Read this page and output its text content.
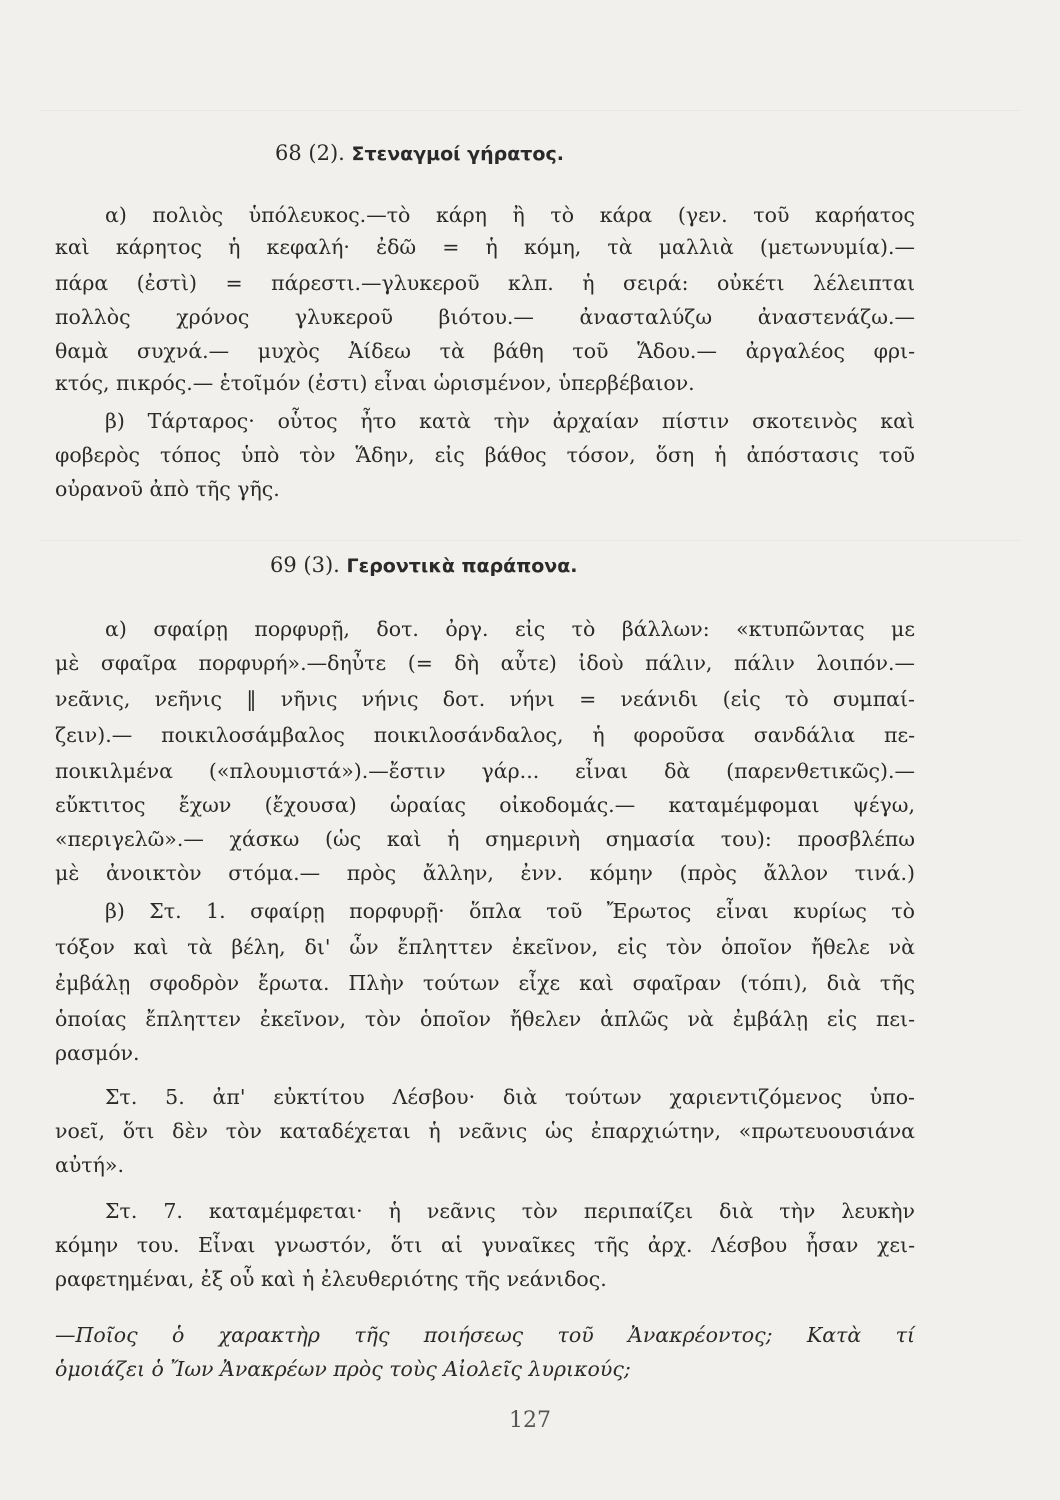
68 (2). Στεναγμοί γήρατος.
α) πολιὸς ὑπόλευκος.—τὸ κάρη ἢ τὸ κάρα (γεν. τοῦ καρήατος
καὶ κάρητος ἡ κεφαλή· ἐδῶ = ἡ κόμη, τὰ μαλλιὰ (μετωνυμία).—
πάρα (ἐστὶ) = πάρεστι.—γλυκεροῦ κλπ. ἡ σειρά: οὐκέτι λέλειπται
πολλὸς χρόνος γλυκεροῦ βιότου.— ἀνασταλύζω ἀναστενάζω.—
θαμὰ συχνά.— μυχὸς Ἀίδεω τὰ βάθη τοῦ Ἅδου.— ἀργαλέος φρι-
κτός, πικρός.— ἑτοῖμόν (ἐστι) εἶναι ὡρισμένον, ὑπερβέβαιον.
β) Τάρταρος· οὗτος ἦτο κατὰ τὴν ἀρχαίαν πίστιν σκοτεινὸς καὶ
φοβερὸς τόπος ὑπὸ τὸν Ἅδην, εἰς βάθος τόσον, ὅση ἡ ἀπόστασις τοῦ
οὐρανοῦ ἀπὸ τῆς γῆς.
69 (3). Γεροντικὰ παράπονα.
α) σφαίρῃ πορφυρῇ, δοτ. ὀργ. εἰς τὸ βάλλων: «κτυπῶντας με
μὲ σφαῖρα πορφυρή».—δηὖτε (= δὴ αὖτε) ἰδοὺ πάλιν, πάλιν λοιπόν.—
νεᾶνις, νεῆνις ‖ νῆνις νήνις δοτ. νήνι = νεάνιδι (εἰς τὸ συμπαί-
ζειν).— ποικιλοσάμβαλος ποικιλοσάνδαλος, ἡ φοροῦσα σανδάλια πε-
ποικιλμένα («πλουμιστά»).—ἔστιν γάρ... εἶναι δὰ (παρενθετικῶς).—
εὔκτιτος ἔχων (ἔχουσα) ὡραίας οἰκοδομάς.— καταμέμφομαι ψέγω,
«περιγελῶ».— χάσκω (ὡς καὶ ἡ σημερινὴ σημασία του): προσβλέπω
μὲ ἀνοικτὸν στόμα.— πρὸς ἄλλην, ἐνν. κόμην (πρὸς ἄλλον τινά.)
β) Στ. 1. σφαίρῃ πορφυρῇ· ὅπλα τοῦ Ἔρωτος εἶναι κυρίως τὸ
τόξον καὶ τὰ βέλη, δι' ὧν ἔπληττεν ἐκεῖνον, εἰς τὸν ὁποῖον ἤθελε νὰ
ἐμβάλῃ σφοδρὸν ἔρωτα. Πλὴν τούτων εἶχε καὶ σφαῖραν (τόπι), διὰ τῆς
ὁποίας ἔπληττεν ἐκεῖνον, τὸν ὁποῖον ἤθελεν ἁπλῶς νὰ ἐμβάλῃ εἰς πει-
ρασμόν.
Στ. 5. ἀπ' εὐκτίτου Λέσβου· διὰ τούτων χαριεντιζόμενος ὑπο-
νοεῖ, ὅτι δὲν τὸν καταδέχεται ἡ νεᾶνις ὡς ἐπαρχιώτην, «πρωτευουσιάνα
αὐτή».
Στ. 7. καταμέμφεται· ἡ νεᾶνις τὸν περιπαίζει διὰ τὴν λευκὴν
κόμην του. Εἶναι γνωστόν, ὅτι αἱ γυναῖκες τῆς ἀρχ. Λέσβου ἦσαν χει-
ραφετημέναι, ἐξ οὗ καὶ ἡ ἐλευθεριότης τῆς νεάνιδος.
—Ποῖος ὁ χαρακτὴρ τῆς ποιήσεως τοῦ Ἀνακρέοντος; Κατὰ τί
ὁμοιάζει ὁ Ἴων Ἀνακρέων πρὸς τοὺς Αἰολεῖς λυρικούς;
127
